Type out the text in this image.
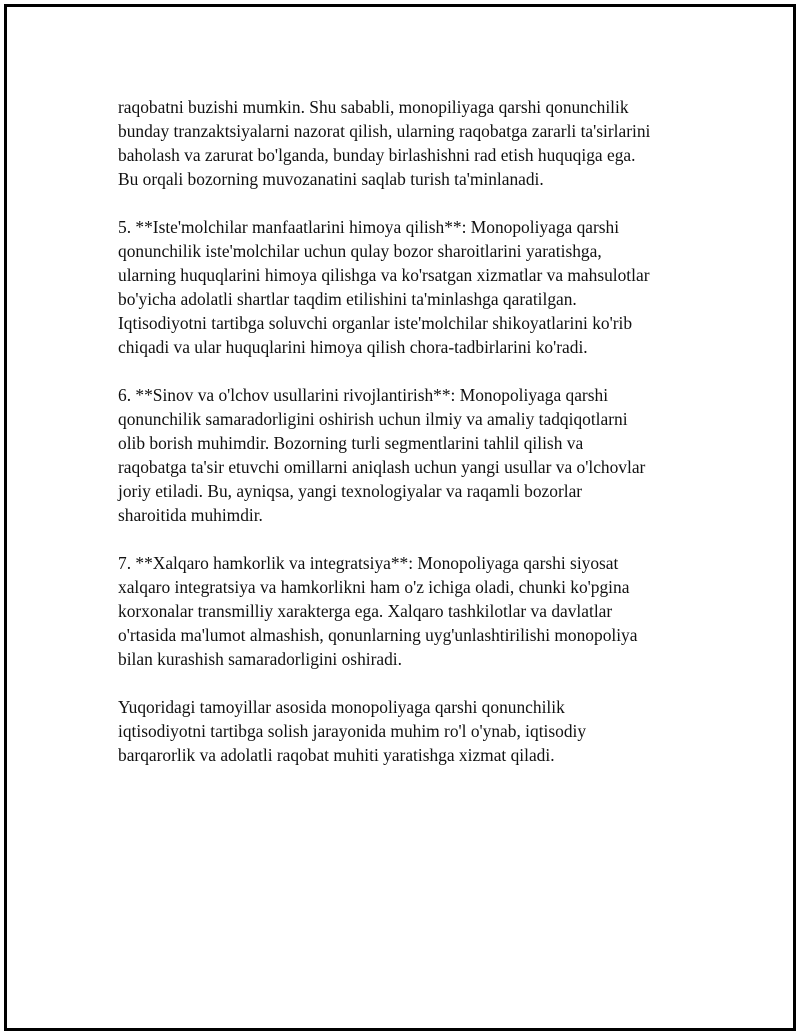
raqobatni buzishi mumkin. Shu sababli, monopiliyaga qarshi qonunchilik
bunday tranzaktsiyalarni nazorat qilish, ularning raqobatga zararli ta'sirlarini
baholash va zarurat bo'lganda, bunday birlashishni rad etish huquqiga ega.
Bu orqali bozorning muvozanatini saqlab turish ta'minlanadi.

5. **Iste'molchilar manfaatlarini himoya qilish**: Monopoliyaga qarshi
qonunchilik iste'molchilar uchun qulay bozor sharoitlarini yaratishga,
ularning huquqlarini himoya qilishga va ko'rsatgan xizmatlar va mahsulotlar
bo'yicha adolatli shartlar taqdim etilishini ta'minlashga qaratilgan.
Iqtisodiyotni tartibga soluvchi organlar iste'molchilar shikoyatlarini ko'rib
chiqadi va ular huquqlarini himoya qilish chora-tadbirlarini ko'radi.

6. **Sinov va o'lchov usullarini rivojlantirish**: Monopoliyaga qarshi
qonunchilik samaradorligini oshirish uchun ilmiy va amaliy tadqiqotlarni
olib borish muhimdir. Bozorning turli segmentlarini tahlil qilish va
raqobatga ta'sir etuvchi omillarni aniqlash uchun yangi usullar va o'lchovlar
joriy etiladi. Bu, ayniqsa, yangi texnologiyalar va raqamli bozorlar
sharoitida muhimdir.

7. **Xalqaro hamkorlik va integratsiya**: Monopoliyaga qarshi siyosat
xalqaro integratsiya va hamkorlikni ham o'z ichiga oladi, chunki ko'pgina
korxonalar transmilliy xarakterga ega. Xalqaro tashkilotlar va davlatlar
o'rtasida ma'lumot almashish, qonunlarning uyg'unlashtirilishi monopoliya
bilan kurashish samaradorligini oshiradi.

Yuqoridagi tamoyillar asosida monopoliyaga qarshi qonunchilik
iqtisodiyotni tartibga solish jarayonida muhim ro'l o'ynab, iqtisodiy
barqarorlik va adolatli raqobat muhiti yaratishga xizmat qiladi.
